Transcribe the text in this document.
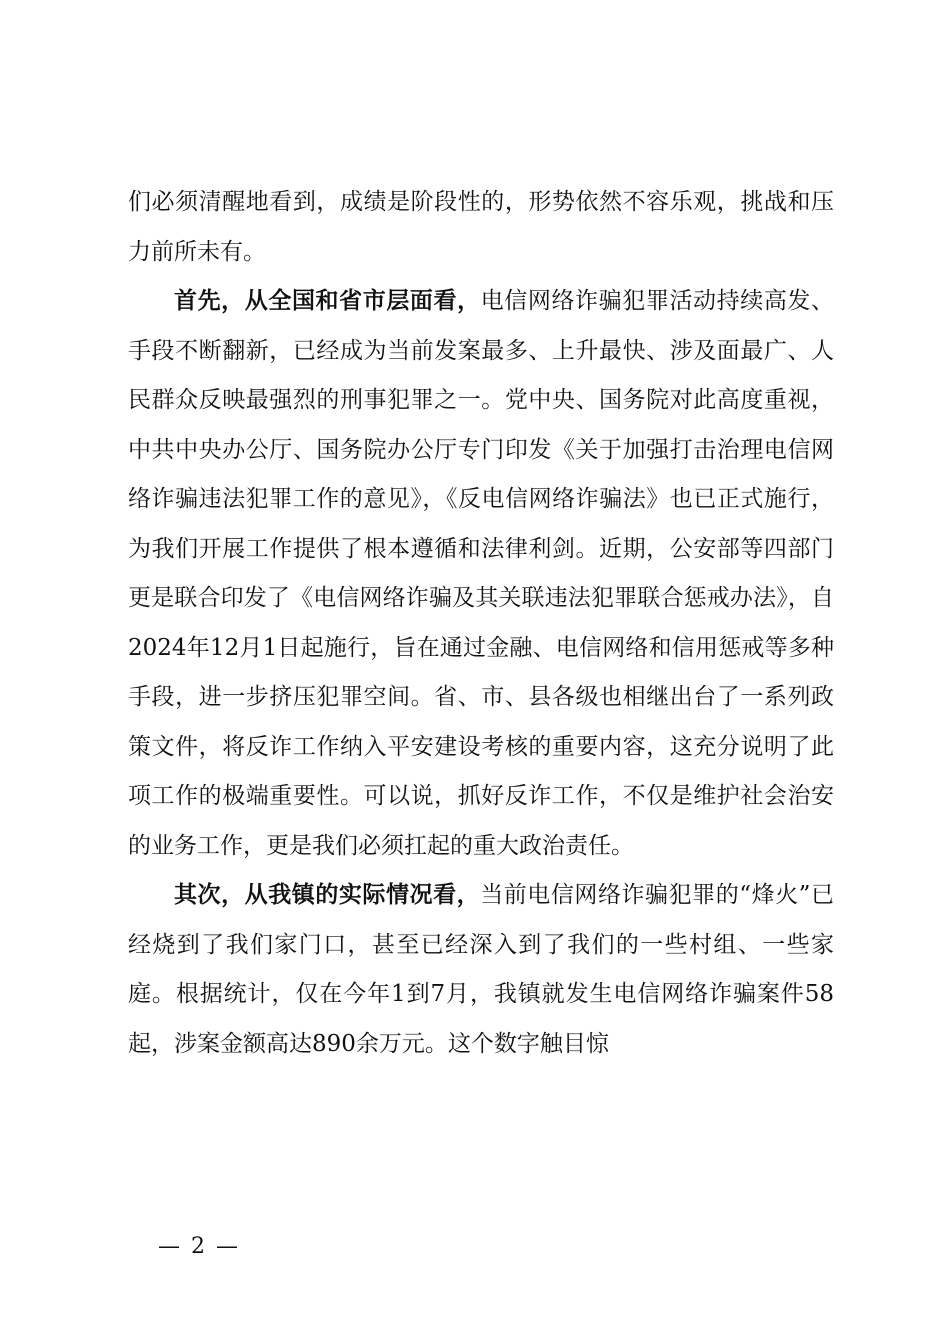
们必须清醒地看到，成绩是阶段性的，形势依然不容乐观，挑战和压力前所未有。

首先，从全国和省市层面看，电信网络诈骗犯罪活动持续高发、手段不断翻新，已经成为当前发案最多、上升最快、涉及面最广、人民群众反映最强烈的刑事犯罪之一。党中央、国务院对此高度重视，中共中央办公厅、国务院办公厅专门印发《关于加强打击治理电信网络诈骗违法犯罪工作的意见》，《反电信网络诈骗法》也已正式施行，为我们开展工作提供了根本遵循和法律利剑。近期，公安部等四部门更是联合印发了《电信网络诈骗及其关联违法犯罪联合惩戒办法》，自2024年12月1日起施行，旨在通过金融、电信网络和信用惩戒等多种手段，进一步挤压犯罪空间。省、市、县各级也相继出台了一系列政策文件，将反诈工作纳入平安建设考核的重要内容，这充分说明了此项工作的极端重要性。可以说，抓好反诈工作，不仅是维护社会治安的业务工作，更是我们必须扛起的重大政治责任。

其次，从我镇的实际情况看，当前电信网络诈骗犯罪的“烽火”已经烧到了我们家门口，甚至已经深入到了我们的一些村组、一些家庭。根据统计，仅在今年1到7月，我镇就发生电信网络诈骗案件58起，涉案金额高达890余万元。这个数字触目惊

— 2 —
